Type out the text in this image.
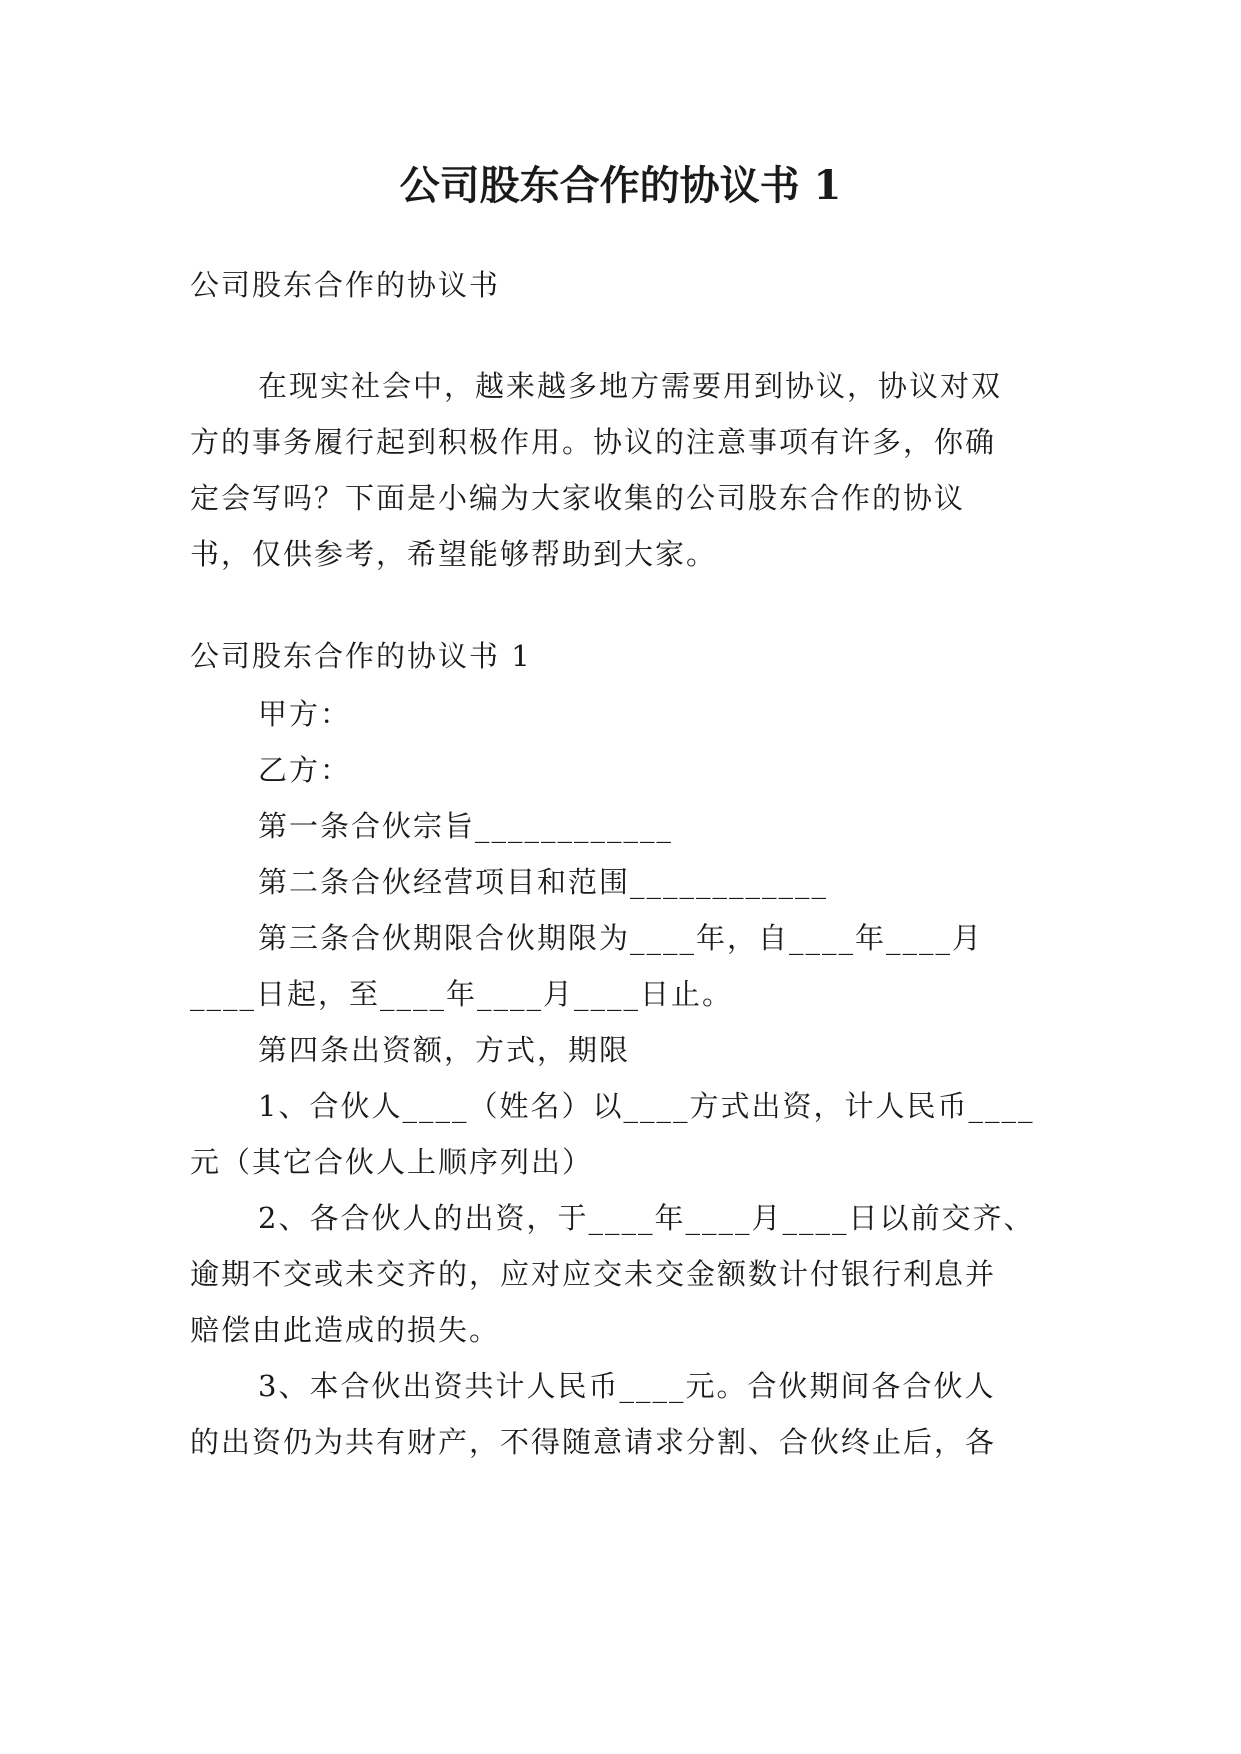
公司股东合作的协议书 1
公司股东合作的协议书
在现实社会中，越来越多地方需要用到协议，协议对双
方的事务履行起到积极作用。协议的注意事项有许多，你确
定会写吗？下面是小编为大家收集的公司股东合作的协议
书，仅供参考，希望能够帮助到大家。
公司股东合作的协议书 1
甲方：
乙方：
第一条合伙宗旨____________
第二条合伙经营项目和范围____________
第三条合伙期限合伙期限为____年，自____年____月
____日起，至____年____月____日止。
第四条出资额，方式，期限
1、合伙人____（姓名）以____方式出资，计人民币____
元（其它合伙人上顺序列出）
2、各合伙人的出资，于____年____月____日以前交齐、
逾期不交或未交齐的，应对应交未交金额数计付银行利息并
赔偿由此造成的损失。
3、本合伙出资共计人民币____元。合伙期间各合伙人
的出资仍为共有财产，不得随意请求分割、合伙终止后，各
